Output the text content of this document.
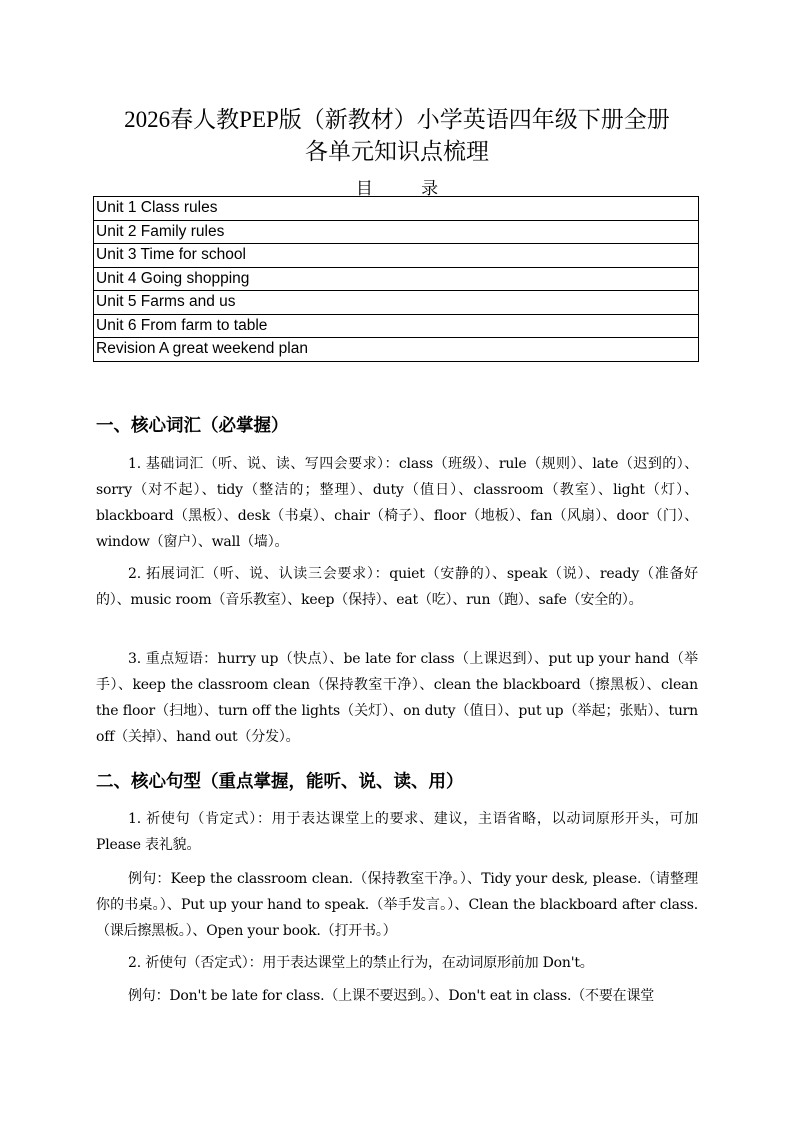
2026春人教PEP版（新教材）小学英语四年级下册全册
各单元知识点梳理
目 录
Unit 1 Class rules
Unit 2 Family rules
Unit 3 Time for school
Unit 4 Going shopping
Unit 5 Farms and us
Unit 6 From farm to table
Revision A great weekend plan
一、核心词汇（必掌握）
1. 基础词汇（听、说、读、写四会要求）：class（班级）、rule（规则）、late（迟到的）、sorry（对不起）、tidy（整洁的；整理）、duty（值日）、classroom（教室）、light（灯）、blackboard（黑板）、desk（书桌）、chair（椅子）、floor（地板）、fan（风扇）、door（门）、window（窗户）、wall（墙）。
2. 拓展词汇（听、说、认读三会要求）：quiet（安静的）、speak（说）、ready（准备好的）、music room（音乐教室）、keep（保持）、eat（吃）、run（跑）、safe（安全的）。
3. 重点短语：hurry up（快点）、be late for class（上课迟到）、put up your hand（举手）、keep the classroom clean（保持教室干净）、clean the blackboard（擦黑板）、clean the floor（扫地）、turn off the lights（关灯）、on duty（值日）、put up（举起；张贴）、turn off（关掉）、hand out（分发）。
二、核心句型（重点掌握，能听、说、读、用）
1. 祈使句（肯定式）：用于表达课堂上的要求、建议，主语省略，以动词原形开头，可加 Please 表礼貌。
例句：Keep the classroom clean.（保持教室干净。）、Tidy your desk, please.（请整理你的书桌。）、Put up your hand to speak.（举手发言。）、Clean the blackboard after class.（课后擦黑板。）、Open your book.（打开书。）
2. 祈使句（否定式）：用于表达课堂上的禁止行为，在动词原形前加 Don't。
例句：Don't be late for class.（上课不要迟到。）、Don't eat in class.（不要在课堂
